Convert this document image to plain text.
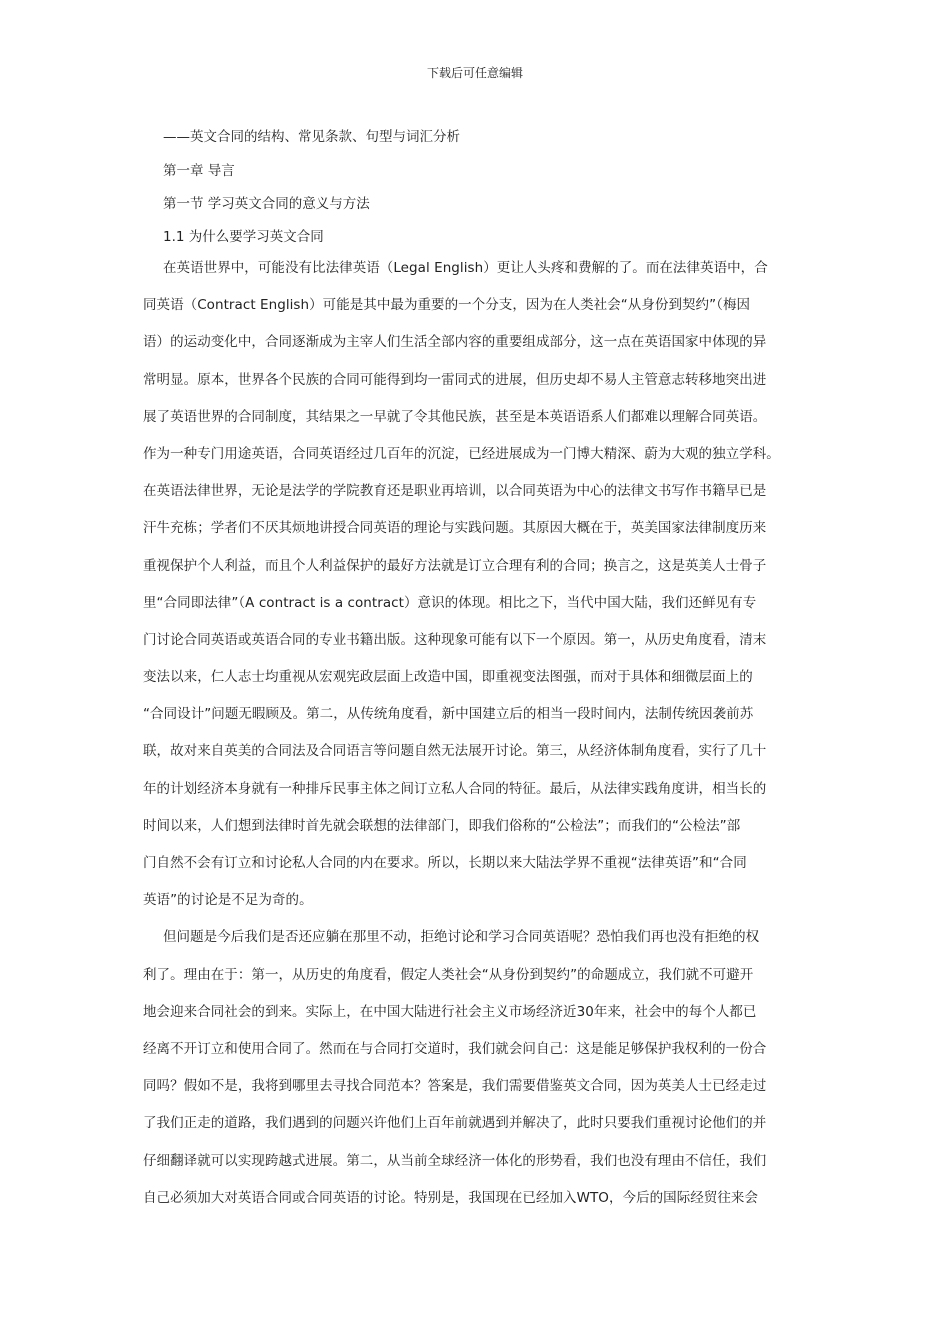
下载后可任意编辑
——英文合同的结构、常见条款、句型与词汇分析
第一章 导言
第一节 学习英文合同的意义与方法
1.1 为什么要学习英文合同
在英语世界中，可能没有比法律英语（Legal English）更让人头疼和费解的了。而在法律英语中，合
同英语（Contract English）可能是其中最为重要的一个分支，因为在人类社会“从身份到契约”（梅因
语）的运动变化中，合同逐渐成为主宰人们生活全部内容的重要组成部分，这一点在英语国家中体现的异
常明显。原本，世界各个民族的合同可能得到均一雷同式的进展，但历史却不易人主管意志转移地突出进
展了英语世界的合同制度，其结果之一早就了令其他民族，甚至是本英语语系人们都难以理解合同英语。
作为一种专门用途英语，合同英语经过几百年的沉淀，已经进展成为一门博大精深、蔚为大观的独立学科。
在英语法律世界，无论是法学的学院教育还是职业再培训，以合同英语为中心的法律文书写作书籍早已是
汗牛充栋；学者们不厌其烦地讲授合同英语的理论与实践问题。其原因大概在于，英美国家法律制度历来
重视保护个人利益，而且个人利益保护的最好方法就是订立合理有利的合同；换言之，这是英美人士骨子
里“合同即法律”（A contract is a contract）意识的体现。相比之下，当代中国大陆，我们还鲜见有专
门讨论合同英语或英语合同的专业书籍出版。这种现象可能有以下一个原因。第一，从历史角度看，清末
变法以来，仁人志士均重视从宏观宪政层面上改造中国，即重视变法图强，而对于具体和细微层面上的
“合同设计”问题无暇顾及。第二，从传统角度看，新中国建立后的相当一段时间内，法制传统因袭前苏
联，故对来自英美的合同法及合同语言等问题自然无法展开讨论。第三，从经济体制角度看，实行了几十
年的计划经济本身就有一种排斥民事主体之间订立私人合同的特征。最后，从法律实践角度讲，相当长的
时间以来，人们想到法律时首先就会联想的法律部门，即我们俗称的“公检法”；而我们的“公检法”部
门自然不会有订立和讨论私人合同的内在要求。所以，长期以来大陆法学界不重视“法律英语”和“合同
英语”的讨论是不足为奇的。
但问题是今后我们是否还应躺在那里不动，拒绝讨论和学习合同英语呢？恐怕我们再也没有拒绝的权
利了。理由在于：第一，从历史的角度看，假定人类社会“从身份到契约”的命题成立，我们就不可避开
地会迎来合同社会的到来。实际上，在中国大陆进行社会主义市场经济近30年来，社会中的每个人都已
经离不开订立和使用合同了。然而在与合同打交道时，我们就会问自己：这是能足够保护我权利的一份合
同吗？假如不是，我将到哪里去寻找合同范本？答案是，我们需要借鉴英文合同，因为英美人士已经走过
了我们正走的道路，我们遇到的问题兴许他们上百年前就遇到并解决了，此时只要我们重视讨论他们的并
仔细翻译就可以实现跨越式进展。第二，从当前全球经济一体化的形势看，我们也没有理由不信任，我们
自己必须加大对英语合同或合同英语的讨论。特别是，我国现在已经加入WTO，今后的国际经贸往来会
